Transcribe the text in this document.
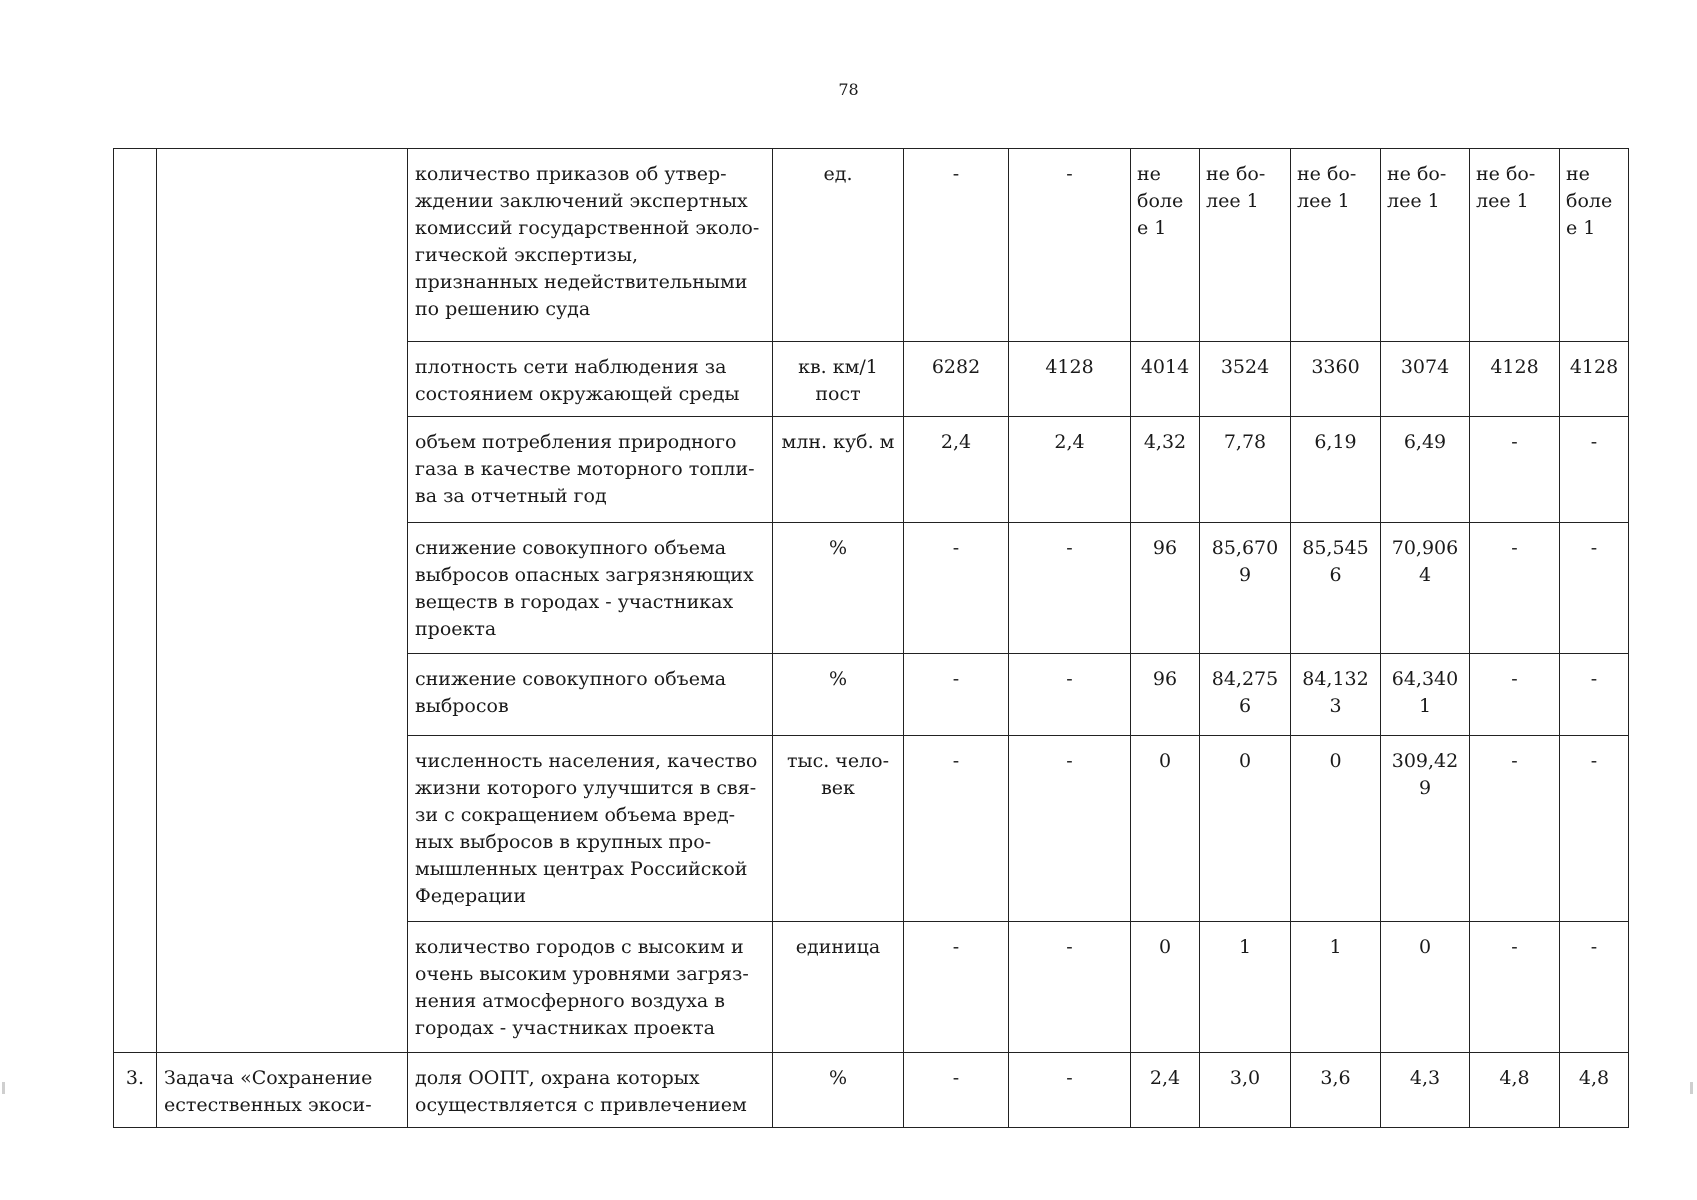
78
		количество приказов об утвер-ждении заключений экспертных комиссий государственной эколо-гической экспертизы, признанных недействительными по решению суда	ед.	-	-	не более 1	не бо-лее 1	не бо-лее 1	не бо-лее 1	не бо-лее 1	не более 1
		плотность сети наблюдения за состоянием окружающей среды	кв. км/1 пост	6282	4128	4014	3524	3360	3074	4128	4128
		объем потребления природного газа в качестве моторного топли-ва за отчетный год	млн. куб. м	2,4	2,4	4,32	7,78	6,19	6,49	-	-
		снижение совокупного объема выбросов опасных загрязняющих веществ в городах - участниках проекта	%	-	-	96	85,6709	85,5456	70,9064	-	-
		снижение совокупного объема выбросов	%	-	-	96	84,2756	84,1323	64,3401	-	-
		численность населения, качество жизни которого улучшится в свя-зи с сокращением объема вред-ных выбросов в крупных про-мышленных центрах Российской Федерации	тыс. чело-век	-	-	0	0	0	309,429	-	-
		количество городов с высоким и очень высоким уровнями загряз-нения атмосферного воздуха в городах - участниках проекта	единица	-	-	0	1	1	0	-	-
3.	Задача «Сохранение естественных экоси-	доля ООПТ, охрана которых осуществляется с привлечением	%	-	-	2,4	3,0	3,6	4,3	4,8	4,8
